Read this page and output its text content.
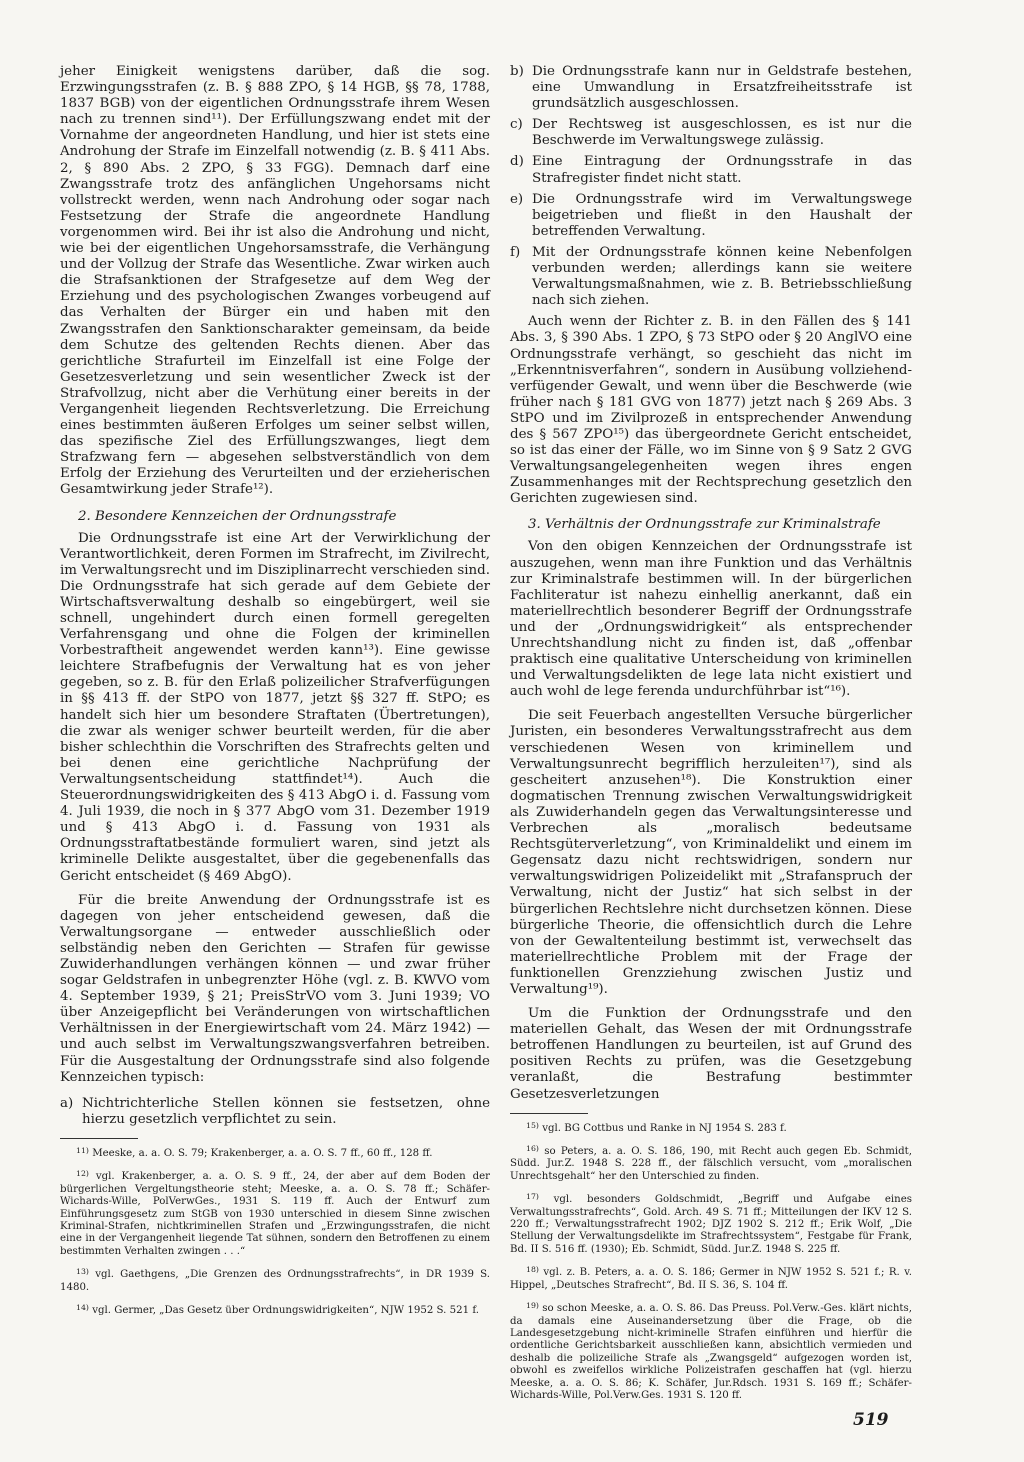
jeher Einigkeit wenigstens darüber, daß die sog. Erzwingungsstrafen (z. B. § 888 ZPO, § 14 HGB, §§ 78, 1788, 1837 BGB) von der eigentlichen Ordnungsstrafe ihrem Wesen nach zu trennen sind¹¹). Der Erfüllungszwang endet mit der Vornahme der angeordneten Handlung, und hier ist stets eine Androhung der Strafe im Einzelfall notwendig (z. B. § 411 Abs. 2, § 890 Abs. 2 ZPO, § 33 FGG). Demnach darf eine Zwangsstrafe trotz des anfänglichen Ungehorsams nicht vollstreckt werden, wenn nach Androhung oder sogar nach Festsetzung der Strafe die angeordnete Handlung vorgenommen wird. Bei ihr ist also die Androhung und nicht, wie bei der eigentlichen Ungehorsamsstrafe, die Verhängung und der Vollzug der Strafe das Wesentliche. Zwar wirken auch die Strafsanktionen der Strafgesetze auf dem Weg der Erziehung und des psychologischen Zwanges vorbeugend auf das Verhalten der Bürger ein und haben mit den Zwangsstrafen den Sanktionscharakter gemeinsam, da beide dem Schutze des geltenden Rechts dienen. Aber das gerichtliche Strafurteil im Einzelfall ist eine Folge der Gesetzesverletzung und sein wesentlicher Zweck ist der Strafvollzug, nicht aber die Verhütung einer bereits in der Vergangenheit liegenden Rechtsverletzung. Die Erreichung eines bestimmten äußeren Erfolges um seiner selbst willen, das spezifische Ziel des Erfüllungszwanges, liegt dem Strafzwang fern — abgesehen selbstverständlich von dem Erfolg der Erziehung des Verurteilten und der erzieherischen Gesamtwirkung jeder Strafe¹²).

2. Besondere Kennzeichen der Ordnungsstrafe

Die Ordnungsstrafe ist eine Art der Verwirklichung der Verantwortlichkeit, deren Formen im Strafrecht, im Zivilrecht, im Verwaltungsrecht und im Disziplinarrecht verschieden sind. Die Ordnungsstrafe hat sich gerade auf dem Gebiete der Wirtschaftsverwaltung deshalb so eingebürgert, weil sie schnell, ungehindert durch einen formell geregelten Verfahrensgang und ohne die Folgen der kriminellen Vorbestraftheit angewendet werden kann¹³). Eine gewisse leichtere Strafbefugnis der Verwaltung hat es von jeher gegeben, so z. B. für den Erlaß polizeilicher Strafverfügungen in §§ 413 ff. der StPO von 1877, jetzt §§ 327 ff. StPO; es handelt sich hier um besondere Straftaten (Übertretungen), die zwar als weniger schwer beurteilt werden, für die aber bisher schlechthin die Vorschriften des Strafrechts gelten und bei denen eine gerichtliche Nachprüfung der Verwaltungsentscheidung stattfindet¹⁴). Auch die Steuerordnungswidrigkeiten des § 413 AbgO i. d. Fassung vom 4. Juli 1939, die noch in § 377 AbgO vom 31. Dezember 1919 und § 413 AbgO i. d. Fassung von 1931 als Ordnungsstraftatbestände formuliert waren, sind jetzt als kriminelle Delikte ausgestaltet, über die gegebenenfalls das Gericht entscheidet (§ 469 AbgO).

Für die breite Anwendung der Ordnungsstrafe ist es dagegen von jeher entscheidend gewesen, daß die Verwaltungsorgane — entweder ausschließlich oder selbständig neben den Gerichten — Strafen für gewisse Zuwiderhandlungen verhängen können — und zwar früher sogar Geldstrafen in unbegrenzter Höhe (vgl. z. B. KWVO vom 4. September 1939, § 21; PreisStrVO vom 3. Juni 1939; VO über Anzeigepflicht bei Veränderungen von wirtschaftlichen Verhältnissen in der Energiewirtschaft vom 24. März 1942) — und auch selbst im Verwaltungszwangsverfahren betreiben. Für die Ausgestaltung der Ordnungsstrafe sind also folgende Kennzeichen typisch:

a) Nichtrichterliche Stellen können sie festsetzen, ohne hierzu gesetzlich verpflichtet zu sein.

$^{11)}$ Meeske, a. a. O. S. 79; Krakenberger, a. a. O. S. 7 ff., 60 ff., 128 ff.

$^{12)}$ vgl. Krakenberger, a. a. O. S. 9 ff., 24, der aber auf dem Boden der bürgerlichen Vergeltungstheorie steht; Meeske, a. a. O. S. 78 ff.; Schäfer-Wichards-Wille, PolVerwGes., 1931 S. 119 ff. Auch der Entwurf zum Einführungsgesetz zum StGB von 1930 unterschied in diesem Sinne zwischen Kriminal-Strafen, nichtkriminellen Strafen und „Erzwingungsstrafen, die nicht eine in der Vergangenheit liegende Tat sühnen, sondern den Betroffenen zu einem bestimmten Verhalten zwingen . . .“

$^{13)}$ vgl. Gaethgens, „Die Grenzen des Ordnungsstrafrechts“, in DR 1939 S. 1480.

$^{14)}$ vgl. Germer, „Das Gesetz über Ordnungswidrigkeiten“, NJW 1952 S. 521 f.

b) Die Ordnungsstrafe kann nur in Geldstrafe bestehen, eine Umwandlung in Ersatzfreiheitsstrafe ist grundsätzlich ausgeschlossen.
c) Der Rechtsweg ist ausgeschlossen, es ist nur die Beschwerde im Verwaltungswege zulässig.
d) Eine Eintragung der Ordnungsstrafe in das Strafregister findet nicht statt.
e) Die Ordnungsstrafe wird im Verwaltungswege beigetrieben und fließt in den Haushalt der betreffenden Verwaltung.
f) Mit der Ordnungsstrafe können keine Nebenfolgen verbunden werden; allerdings kann sie weitere Verwaltungsmaßnahmen, wie z. B. Betriebsschließung nach sich ziehen.

Auch wenn der Richter z. B. in den Fällen des § 141 Abs. 3, § 390 Abs. 1 ZPO, § 73 StPO oder § 20 AnglVO eine Ordnungsstrafe verhängt, so geschieht das nicht im „Erkenntnisverfahren“, sondern in Ausübung vollziehend-verfügender Gewalt, und wenn über die Beschwerde (wie früher nach § 181 GVG von 1877) jetzt nach § 269 Abs. 3 StPO und im Zivilprozeß in entsprechender Anwendung des § 567 ZPO¹⁵) das übergeordnete Gericht entscheidet, so ist das einer der Fälle, wo im Sinne von § 9 Satz 2 GVG Verwaltungsangelegenheiten wegen ihres engen Zusammenhanges mit der Rechtsprechung gesetzlich den Gerichten zugewiesen sind.

3. Verhältnis der Ordnungsstrafe zur Kriminalstrafe

Von den obigen Kennzeichen der Ordnungsstrafe ist auszugehen, wenn man ihre Funktion und das Verhältnis zur Kriminalstrafe bestimmen will. In der bürgerlichen Fachliteratur ist nahezu einhellig anerkannt, daß ein materiellrechtlich besonderer Begriff der Ordnungsstrafe und der „Ordnungswidrigkeit“ als entsprechender Unrechtshandlung nicht zu finden ist, daß „offenbar praktisch eine qualitative Unterscheidung von kriminellen und Verwaltungsdelikten de lege lata nicht existiert und auch wohl de lege ferenda undurchführbar ist“¹⁶).

Die seit Feuerbach angestellten Versuche bürgerlicher Juristen, ein besonderes Verwaltungsstrafrecht aus dem verschiedenen Wesen von kriminellem und Verwaltungsunrecht begrifflich herzuleiten¹⁷), sind als gescheitert anzusehen¹⁸). Die Konstruktion einer dogmatischen Trennung zwischen Verwaltungswidrigkeit als Zuwiderhandeln gegen das Verwaltungsinteresse und Verbrechen als „moralisch bedeutsame Rechtsgüterverletzung“, von Kriminaldelikt und einem im Gegensatz dazu nicht rechtswidrigen, sondern nur verwaltungswidrigen Polizeidelikt mit „Strafanspruch der Verwaltung, nicht der Justiz“ hat sich selbst in der bürgerlichen Rechtslehre nicht durchsetzen können. Diese bürgerliche Theorie, die offensichtlich durch die Lehre von der Gewaltenteilung bestimmt ist, verwechselt das materiellrechtliche Problem mit der Frage der funktionellen Grenzziehung zwischen Justiz und Verwaltung¹⁹).

Um die Funktion der Ordnungsstrafe und den materiellen Gehalt, das Wesen der mit Ordnungsstrafe betroffenen Handlungen zu beurteilen, ist auf Grund des positiven Rechts zu prüfen, was die Gesetzgebung veranlaßt, die Bestrafung bestimmter Gesetzesverletzungen

$^{15)}$ vgl. BG Cottbus und Ranke in NJ 1954 S. 283 f.

$^{16)}$ so Peters, a. a. O. S. 186, 190, mit Recht auch gegen Eb. Schmidt, Südd. Jur.Z. 1948 S. 228 ff., der fälschlich versucht, vom „moralischen Unrechtsgehalt“ her den Unterschied zu finden.

$^{17)}$ vgl. besonders Goldschmidt, „Begriff und Aufgabe eines Verwaltungsstrafrechts“, Gold. Arch. 49 S. 71 ff.; Mitteilungen der IKV 12 S. 220 ff.; Verwaltungsstrafrecht 1902; DJZ 1902 S. 212 ff.; Erik Wolf, „Die Stellung der Verwaltungsdelikte im Strafrechtssystem“, Festgabe für Frank, Bd. II S. 516 ff. (1930); Eb. Schmidt, Südd. Jur.Z. 1948 S. 225 ff.

$^{18)}$ vgl. z. B. Peters, a. a. O. S. 186; Germer in NJW 1952 S. 521 f.; R. v. Hippel, „Deutsches Strafrecht“, Bd. II S. 36, S. 104 ff.

$^{19)}$ so schon Meeske, a. a. O. S. 86. Das Preuss. Pol.Verw.-Ges. klärt nichts, da damals eine Auseinandersetzung über die Frage, ob die Landesgesetzgebung nicht-kriminelle Strafen einführen und hierfür die ordentliche Gerichtsbarkeit ausschließen kann, absichtlich vermieden und deshalb die polizeiliche Strafe als „Zwangsgeld“ aufgezogen worden ist, obwohl es zweifellos wirkliche Polizeistrafen geschaffen hat (vgl. hierzu Meeske, a. a. O. S. 86; K. Schäfer, Jur.Rdsch. 1931 S. 169 ff.; Schäfer-Wichards-Wille, Pol.Verw.Ges. 1931 S. 120 ff.

519
